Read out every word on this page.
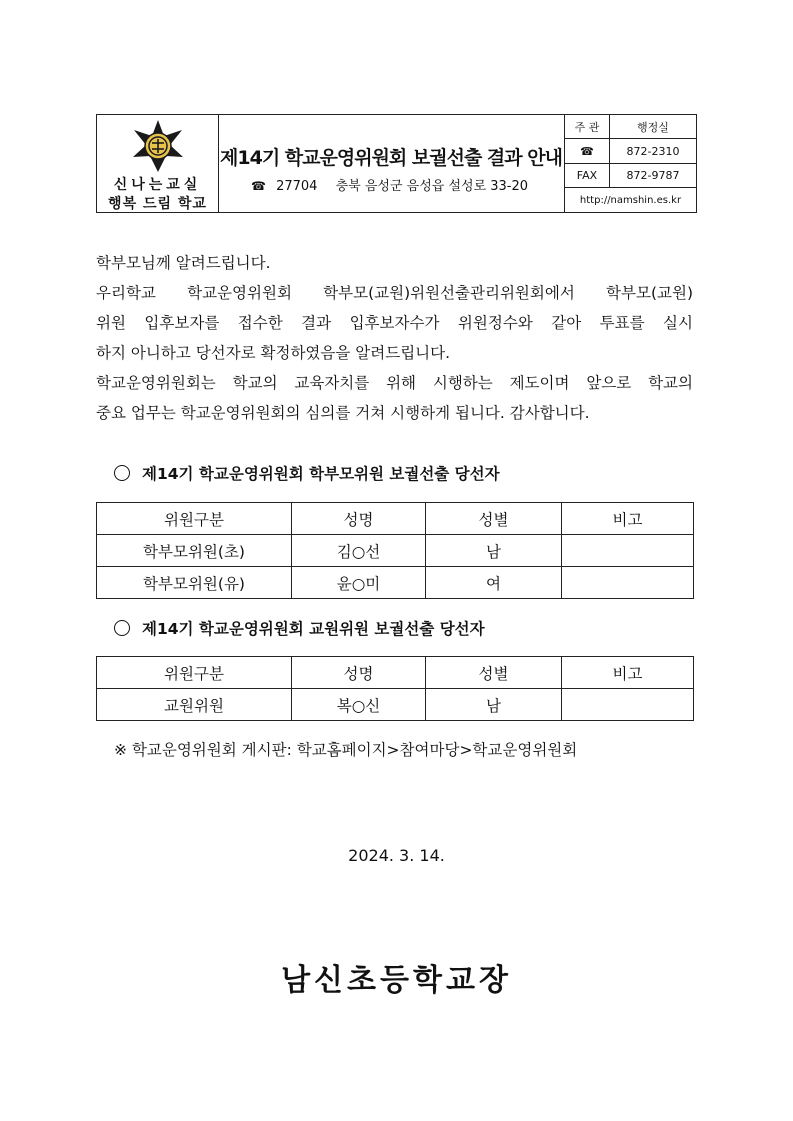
신나는교실
행복 드림 학교
제14기 학교운영위원회 보궐선출 결과 안내
☎ 27704 충북 음성군 음성읍 설성로 33-20
주 관	행정실
☎	872-2310
FAX	872-9787
http://namshin.es.kr	

학부모님께 알려드립니다.

우리학교 학교운영위원회 학부모(교원)위원선출관리위원회에서 학부모(교원)

위원 입후보자를 접수한 결과 입후보자수가 위원정수와 같아 투표를 실시

하지 아니하고 당선자로 확정하였음을 알려드립니다.

학교운영위원회는 학교의 교육자치를 위해 시행하는 제도이며 앞으로 학교의

중요 업무는 학교운영위원회의 심의를 거쳐 시행하게 됩니다. 감사합니다.

제14기 학교운영위원회 학부모위원 보궐선출 당선자
위원구분	성명	성별	비고
학부모위원(초)	김○선	남	
학부모위원(유)	윤○미	여	
제14기 학교운영위원회 교원위원 보궐선출 당선자
위원구분	성명	성별	비고
교원위원	복○신	남	
※ 학교운영위원회 게시판: 학교홈페이지>참여마당>학교운영위원회
2024. 3. 14.
남신초등학교장
